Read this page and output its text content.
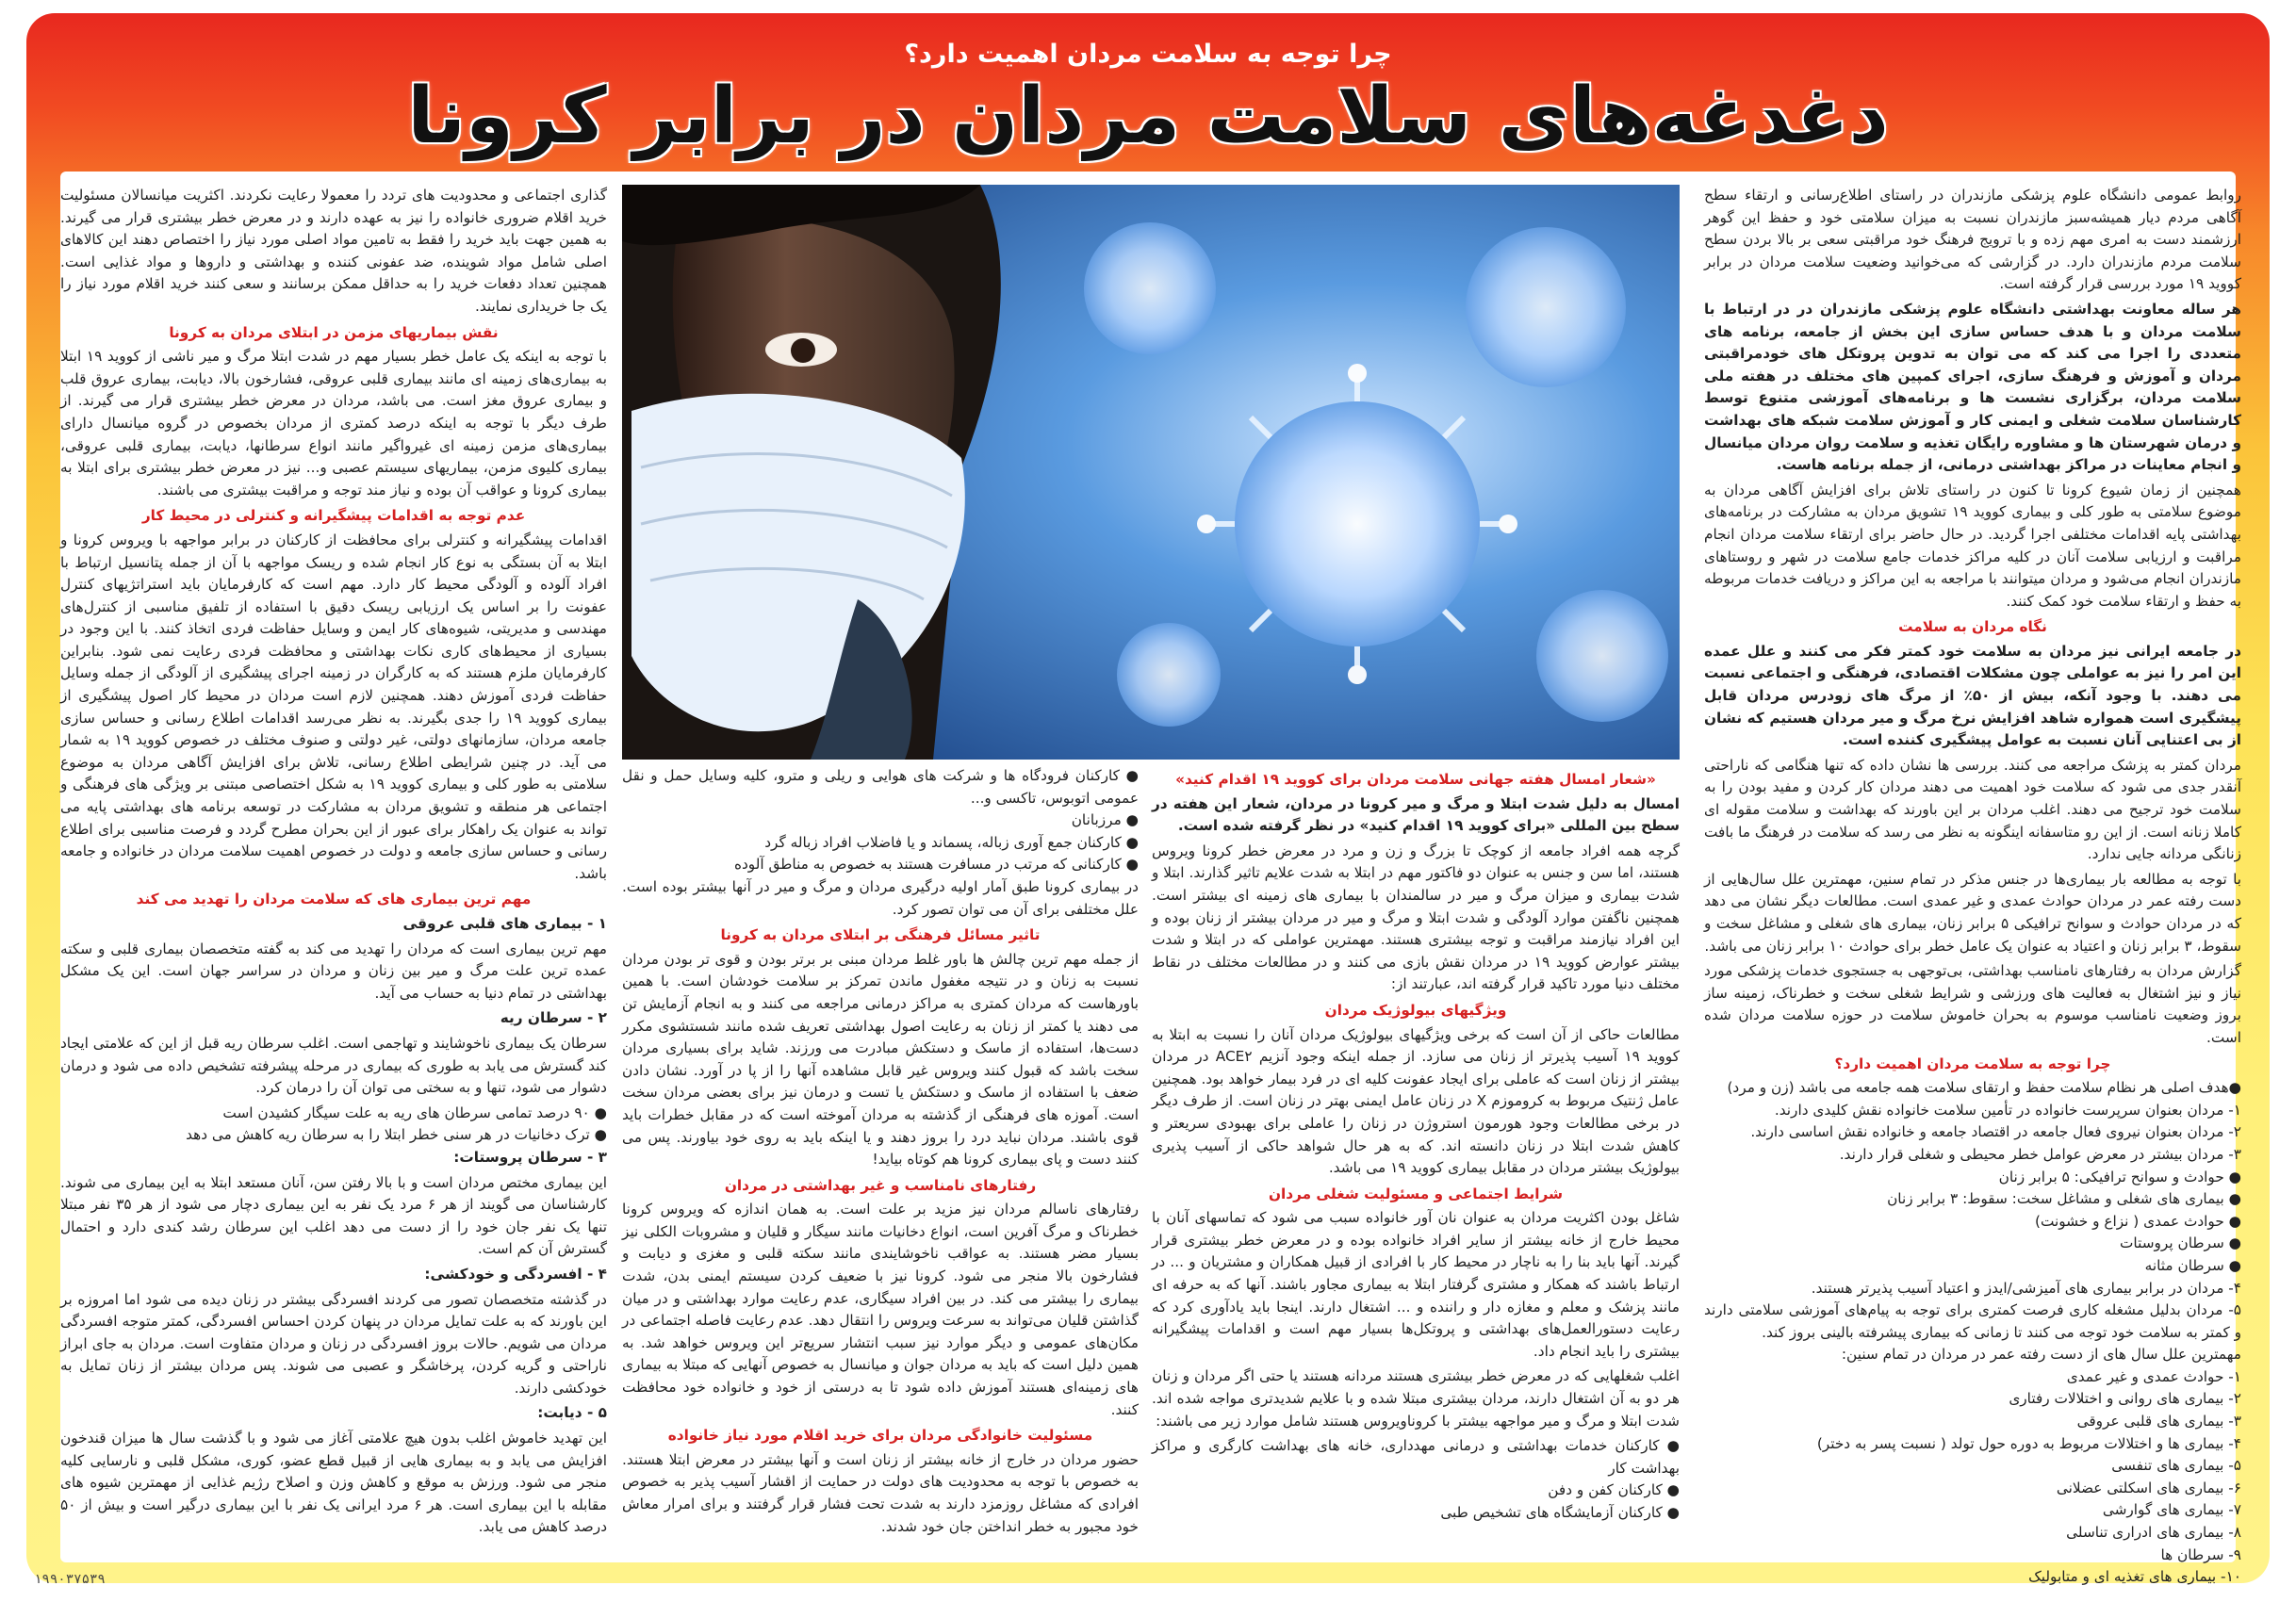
چرا توجه به سلامت مردان اهمیت دارد؟
دغدغه‌های سلامت مردان در برابر کرونا

روابط عمومی دانشگاه علوم پزشکی مازندران در راستای اطلاع‌رسانی و ارتقاء سطح آگاهی مردم دیار همیشه‌سبز مازندران نسبت به میزان سلامتی خود و حفظ این گوهر ارزشمند دست به امری مهم زده و با ترویج فرهنگ خود مراقبتی سعی بر بالا بردن سطح سلامت مردم مازندران دارد. در گزارشی که می‌خوانید وضعیت سلامت مردان در برابر کووید ۱۹ مورد بررسی قرار گرفته است.

هر ساله معاونت بهداشتی دانشگاه علوم پزشکی مازندران در در ارتباط با سلامت مردان و با هدف حساس سازی این بخش از جامعه، برنامه های متعددی را اجرا می کند که می توان به تدوین پروتکل های خودمراقبتی مردان و آموزش و فرهنگ سازی، اجرای کمپین های مختلف در هفته ملی سلامت مردان، برگزاری نشست ها و برنامه‌های آموزشی متنوع توسط کارشناسان سلامت شغلی و ایمنی کار و آموزش سلامت شبکه های بهداشت و درمان شهرستان ها و مشاوره رایگان تغذیه و سلامت روان مردان میانسال و انجام معاینات در مراکز بهداشتی درمانی، از جمله برنامه هاست.

همچنین از زمان شیوع کرونا تا کنون در راستای تلاش برای افزایش آگاهی مردان به موضوع سلامتی به طور کلی و بیماری کووید ۱۹ تشویق مردان به مشارکت در برنامه‌های بهداشتی پایه اقدامات مختلفی اجرا گردید. در حال حاضر برای ارتقاء سلامت مردان انجام مراقبت و ارزیابی سلامت آنان در کلیه مراکز خدمات جامع سلامت در شهر و روستاهای مازندران انجام می‌شود و مردان میتوانند با مراجعه به این مراکز و دریافت خدمات مربوطه به حفظ و ارتقاء سلامت خود کمک کنند.

نگاه مردان به سلامت

در جامعه ایرانی نیز مردان به سلامت خود کمتر فکر می کنند و علل عمده این امر را نیز به عواملی چون مشکلات اقتصادی، فرهنگی و اجتماعی نسبت می دهند. با وجود آنکه، بیش از ۵۰٪ از مرگ های زودرس مردان قابل پیشگیری است همواره شاهد افزایش نرخ مرگ و میر مردان هستیم که نشان از بی اعتنایی آنان نسبت به عوامل پیشگیری کننده است.

مردان کمتر به پزشک مراجعه می کنند. بررسی ها نشان داده که تنها هنگامی که ناراحتی آنقدر جدی می شود که سلامت خود اهمیت می دهند مردان کار کردن و مفید بودن را به سلامت خود ترجیح می دهند. اغلب مردان بر این باورند که بهداشت و سلامت مقوله ای کاملا زنانه است. از این رو متاسفانه اینگونه به نظر می رسد که سلامت در فرهنگ ما بافت زنانگی مردانه جایی ندارد.

با توجه به مطالعه بار بیماری‌ها در جنس مذکر در تمام سنین، مهمترین علل سال‌هایی از دست رفته عمر در مردان حوادث عمدی و غیر عمدی است. مطالعات دیگر نشان می دهد که در مردان حوادث و سوانح ترافیکی ۵ برابر زنان، بیماری های شغلی و مشاغل سخت و سقوط، ۳ برابر زنان و اعتیاد به عنوان یک عامل خطر برای حوادث ۱۰ برابر زنان می باشد.

گزارش مردان به رفتارهای نامناسب بهداشتی، بی‌توجهی به جستجوی خدمات پزشکی مورد نیاز و نیز اشتغال به فعالیت های ورزشی و شرایط شغلی سخت و خطرناک، زمینه ساز بروز وضعیت نامناسب موسوم به بحران خاموش سلامت در حوزه سلامت مردان شده است.

چرا توجه به سلامت مردان اهمیت دارد؟

●هدف اصلی هر نظام سلامت حفظ و ارتقای سلامت همه جامعه می باشد (زن و مرد)

۱- مردان بعنوان سرپرست خانواده در تأمین سلامت خانواده نقش کلیدی دارند.

۲- مردان بعنوان نیروی فعال جامعه در اقتصاد جامعه و خانواده نقش اساسی دارند.

۳- مردان بیشتر در معرض عوامل خطر محیطی و شغلی قرار دارند.

● حوادث و سوانح ترافیکی: ۵ برابر زنان

● بیماری های شغلی و مشاغل سخت: سقوط: ۳ برابر زنان

● حوادث عمدی ( نزاع و خشونت)

● سرطان پروستات

● سرطان مثانه

۴- مردان در برابر بیماری های آمیزشی/ایدز و اعتیاد آسیب پذیرتر هستند.

۵- مردان بدلیل مشغله کاری فرصت کمتری برای توجه به پیام‌های آموزشی سلامتی دارند و کمتر به سلامت خود توجه می کنند تا زمانی که بیماری پیشرفته بالینی بروز کند.

مهمترین علل سال های از دست رفته عمر در مردان در تمام سنین:

۱- حوادث عمدی و غیر عمدی

۲- بیماری های روانی و اختلالات رفتاری

۳- بیماری های قلبی عروقی

۴- بیماری ها و اختلالات مربوط به دوره حول تولد ( نسبت پسر به دختر)

۵- بیماری های تنفسی

۶- بیماری های اسکلتی عضلانی

۷- بیماری های گوارشی

۸- بیماری های ادراری تناسلی

۹- سرطان ها

۱۰- بیماری های تغذیه ای و متابولیک

«شعار امسال هفته جهانی سلامت مردان برای کووید ۱۹ اقدام کنید»

امسال به دلیل شدت ابتلا و مرگ و میر کرونا در مردان، شعار این هفته در سطح بین المللی «برای کووید ۱۹ اقدام کنید» در نظر گرفته شده است.

گرچه همه افراد جامعه از کوچک تا بزرگ و زن و مرد در معرض خطر کرونا ویروس هستند، اما سن و جنس به عنوان دو فاکتور مهم در ابتلا به شدت علایم تاثیر گذارند. ابتلا و شدت بیماری و میزان مرگ و میر در سالمندان با بیماری های زمینه ای بیشتر است. همچنین ناگفتن موارد آلودگی و شدت ابتلا و مرگ و میر در مردان بیشتر از زنان بوده و این افراد نیازمند مراقبت و توجه بیشتری هستند. مهمترین عواملی که در ابتلا و شدت بیشتر عوارض کووید ۱۹ در مردان نقش بازی می کنند و در مطالعات مختلف در نقاط مختلف دنیا مورد تاکید قرار گرفته اند، عبارتند از:

ویژگیهای بیولوژیک مردان

مطالعات حاکی از آن است که برخی ویژگیهای بیولوژیک مردان آنان را نسبت به ابتلا به کووید ۱۹ آسیب پذیرتر از زنان می سازد. از جمله اینکه وجود آنزیم ACE۲ در مردان بیشتر از زنان است که عاملی برای ایجاد عفونت کلیه ای در فرد بیمار خواهد بود. همچنین عامل ژنتیک مربوط به کروموزم X در زنان عامل ایمنی بهتر در زنان است. از طرف دیگر در برخی مطالعات وجود هورمون استروژن در زنان را عاملی برای بهبودی سریعتر و کاهش شدت ابتلا در زنان دانسته اند. که به هر حال شواهد حاکی از آسیب پذیری بیولوژیک بیشتر مردان در مقابل بیماری کووید ۱۹ می باشد.

شرایط اجتماعی و مسئولیت شغلی مردان

شاغل بودن اکثریت مردان به عنوان نان آور خانواده سبب می شود که تماسهای آنان با محیط خارج از خانه بیشتر از سایر افراد خانواده بوده و در معرض خطر بیشتری قرار گیرند. آنها باید بنا را به ناچار در محیط کار با افرادی از قبیل همکاران و مشتریان و ... در ارتباط باشند که همکار و مشتری گرفتار ابتلا به بیماری مجاور باشند. آنها که به حرفه ای مانند پزشک و معلم و مغازه دار و راننده و ... اشتغال دارند. اینجا باید یادآوری کرد که رعایت دستورالعمل‌های بهداشتی و پروتکل‌ها بسیار مهم است و اقدامات پیشگیرانه بیشتری را باید انجام داد.

اغلب شغلهایی که در معرض خطر بیشتری هستند مردانه هستند یا حتی اگر مردان و زنان هر دو به آن اشتغال دارند، مردان بیشتری مبتلا شده و با علایم شدیدتری مواجه شده اند. شدت ابتلا و مرگ و میر مواجهه بیشتر با کروناویروس هستند شامل موارد زیر می باشند:

● کارکنان خدمات بهداشتی و درمانی مهدداری، خانه های بهداشت کارگری و مراکز بهداشت کار

● کارکنان کفن و دفن

● کارکنان آزمایشگاه های تشخیص طبی

● کارکنان فرودگاه ها و شرکت های هوایی و ریلی و مترو، کلیه وسایل حمل و نقل عمومی اتوبوس، تاکسی و...

● مرزبانان

● کارکنان جمع آوری زباله، پسماند و یا فاضلاب افراد زباله گرد

● کارکنانی که مرتب در مسافرت هستند به خصوص به مناطق آلوده

در بیماری کرونا طبق آمار اولیه درگیری مردان و مرگ و میر در آنها بیشتر بوده است. علل مختلفی برای آن می توان تصور کرد.

تاثیر مسائل فرهنگی بر ابتلای مردان به کرونا

از جمله مهم ترین چالش ها باور غلط مردان مبنی بر برتر بودن و قوی تر بودن مردان نسبت به زنان و در نتیجه مغفول ماندن تمرکز بر سلامت خودشان است. با همین باورهاست که مردان کمتری به مراکز درمانی مراجعه می کنند و به انجام آزمایش تن می دهند یا کمتر از زنان به رعایت اصول بهداشتی تعریف شده مانند شستشوی مکرر دست‌ها، استفاده از ماسک و دستکش مبادرت می ورزند. شاید برای بسیاری مردان سخت باشد که قبول کنند ویروس غیر قابل مشاهده آنها را از پا در آورد. نشان دادن ضعف با استفاده از ماسک و دستکش یا تست و درمان نیز برای بعضی مردان سخت است. آموزه های فرهنگی از گذشته به مردان آموخته است که در مقابل خطرات باید قوی باشند. مردان نباید درد را بروز دهند و یا اینکه باید به روی خود بیاورند. پس می کنند دست و پای بیماری کرونا هم کوتاه بیاید!

رفتارهای نامناسب و غیر بهداشتی در مردان

رفتارهای ناسالم مردان نیز مزید بر علت است. به همان اندازه که ویروس کرونا خطرناک و مرگ آفرین است، انواع دخانیات مانند سیگار و قلیان و مشروبات الکلی نیز بسیار مضر هستند. به عواقب ناخوشایندی مانند سکته قلبی و مغزی و دیابت و فشارخون بالا منجر می شود. کرونا نیز با ضعیف کردن سیستم ایمنی بدن، شدت بیماری را بیشتر می کند. در بین افراد سیگاری، عدم رعایت موارد بهداشتی و در میان گذاشتن قلیان می‌تواند به سرعت ویروس را انتقال دهد. عدم رعایت فاصله اجتماعی در مکان‌های عمومی و دیگر موارد نیز سبب انتشار سریع‌تر این ویروس خواهد شد. به همین دلیل است که باید به مردان جوان و میانسال به خصوص آنهایی که مبتلا به بیماری های زمینه‌ای هستند آموزش داده شود تا به درستی از خود و خانواده خود محافظت کنند.

مسئولیت خانوادگی مردان برای خرید اقلام مورد نیاز خانواده

حضور مردان در خارج از خانه بیشتر از زنان است و آنها بیشتر در معرض ابتلا هستند. به خصوص با توجه به محدودیت های دولت در حمایت از اقشار آسیب پذیر به خصوص افرادی که مشاغل روزمزد دارند به شدت تحت فشار قرار گرفتند و برای امرار معاش خود مجبور به خطر انداختن جان خود شدند.

گذاری اجتماعی و محدودیت های تردد را معمولا رعایت نکردند. اکثریت میانسالان مسئولیت خرید اقلام ضروری خانواده را نیز به عهده دارند و در معرض خطر بیشتری قرار می گیرند. به همین جهت باید خرید را فقط به تامین مواد اصلی مورد نیاز را اختصاص دهند این کالاهای اصلی شامل مواد شوینده، ضد عفونی کننده و بهداشتی و داروها و مواد غذایی است. همچنین تعداد دفعات خرید را به حداقل ممکن برسانند و سعی کنند خرید اقلام مورد نیاز را یک جا خریداری نمایند.

نقش بیماریهای مزمن در ابتلای مردان به کرونا

با توجه به اینکه یک عامل خطر بسیار مهم در شدت ابتلا مرگ و میر ناشی از کووید ۱۹ ابتلا به بیماری‌های زمینه ای مانند بیماری قلبی عروقی، فشارخون بالا، دیابت، بیماری عروق قلب و بیماری عروق مغز است. می باشد، مردان در معرض خطر بیشتری قرار می گیرند. از طرف دیگر با توجه به اینکه درصد کمتری از مردان بخصوص در گروه میانسال دارای بیماری‌های مزمن زمینه ای غیرواگیر مانند انواع سرطانها، دیابت، بیماری قلبی عروقی، بیماری کلیوی مزمن، بیماریهای سیستم عصبی و... نیز در معرض خطر بیشتری برای ابتلا به بیماری کرونا و عواقب آن بوده و نیاز مند توجه و مراقبت بیشتری می باشند.

عدم توجه به اقدامات پیشگیرانه و کنترلی در محیط کار

اقدامات پیشگیرانه و کنترلی برای محافظت از کارکنان در برابر مواجهه با ویروس کرونا و ابتلا به آن بستگی به نوع کار انجام شده و ریسک مواجهه با آن از جمله پتانسیل ارتباط با افراد آلوده و آلودگی محیط کار دارد. مهم است که کارفرمایان باید استراتژیهای کنترل عفونت را بر اساس یک ارزیابی ریسک دقیق با استفاده از تلفیق مناسبی از کنترل‌های مهندسی و مدیریتی، شیوه‌های کار ایمن و وسایل حفاظت فردی اتخاذ کنند. با این وجود در بسیاری از محیط‌های کاری نکات بهداشتی و محافظت فردی رعایت نمی شود. بنابراین کارفرمایان ملزم هستند که به کارگران در زمینه اجرای پیشگیری از آلودگی از جمله وسایل حفاظت فردی آموزش دهند. همچنین لازم است مردان در محیط کار اصول پیشگیری از بیماری کووید ۱۹ را جدی بگیرند. به نظر می‌رسد اقدامات اطلاع رسانی و حساس سازی جامعه مردان، سازمانهای دولتی، غیر دولتی و صنوف مختلف در خصوص کووید ۱۹ به شمار می آید. در چنین شرایطی اطلاع رسانی، تلاش برای افزایش آگاهی مردان به موضوع سلامتی به طور کلی و بیماری کووید ۱۹ به شکل اختصاصی مبتنی بر ویژگی های فرهنگی و اجتماعی هر منطقه و تشویق مردان به مشارکت در توسعه برنامه های بهداشتی پایه می تواند به عنوان یک راهکار برای عبور از این بحران مطرح گردد و فرصت مناسبی برای اطلاع رسانی و حساس سازی جامعه و دولت در خصوص اهمیت سلامت مردان در خانواده و جامعه باشد.

مهم ترین بیماری های که سلامت مردان را تهدید می کند

۱ - بیماری های قلبی عروقی

مهم ترین بیماری است که مردان را تهدید می کند به گفته متخصصان بیماری قلبی و سکته عمده ترین علت مرگ و میر بین زنان و مردان در سراسر جهان است. این یک مشکل بهداشتی در تمام دنیا به حساب می آید.

۲ - سرطان ریه

سرطان یک بیماری ناخوشایند و تهاجمی است. اغلب سرطان ریه قبل از این که علامتی ایجاد کند گسترش می یابد به طوری که بیماری در مرحله پیشرفته تشخیص داده می شود و درمان دشوار می شود، تنها و به سختی می توان آن را درمان کرد.

● ۹۰ درصد تمامی سرطان های ریه به علت سیگار کشیدن است

● ترک دخانیات در هر سنی خطر ابتلا را به سرطان ریه کاهش می دهد

۳ - سرطان پروستات:

این بیماری مختص مردان است و با بالا رفتن سن، آنان مستعد ابتلا به این بیماری می شوند. کارشناسان می گویند از هر ۶ مرد یک نفر به این بیماری دچار می شود از هر ۳۵ نفر مبتلا تنها یک نفر جان خود را از دست می دهد اغلب این سرطان رشد کندی دارد و احتمال گسترش آن کم است.

۴ - افسردگی و خودکشی:

در گذشته متخصصان تصور می کردند افسردگی بیشتر در زنان دیده می شود اما امروزه بر این باورند که به علت تمایل مردان در پنهان کردن احساس افسردگی، کمتر متوجه افسردگی مردان می شویم. حالات بروز افسردگی در زنان و مردان متفاوت است. مردان به جای ابراز ناراحتی و گریه کردن، پرخاشگر و عصبی می شوند. پس مردان بیشتر از زنان تمایل به خودکشی دارند.

۵ - دیابت:

این تهدید خاموش اغلب بدون هیچ علامتی آغاز می شود و با گذشت سال ها میزان قندخون افزایش می یابد و به بیماری هایی از قبیل قطع عضو، کوری، مشکل قلبی و نارسایی کلیه منجر می شود. ورزش به موقع و کاهش وزن و اصلاح رژیم غذایی از مهمترین شیوه های مقابله با این بیماری است. هر ۶ مرد ایرانی یک نفر با این بیماری درگیر است و بیش از ۵۰ درصد کاهش می یابد.

۱۹۹۰۳۷۵۳۹
